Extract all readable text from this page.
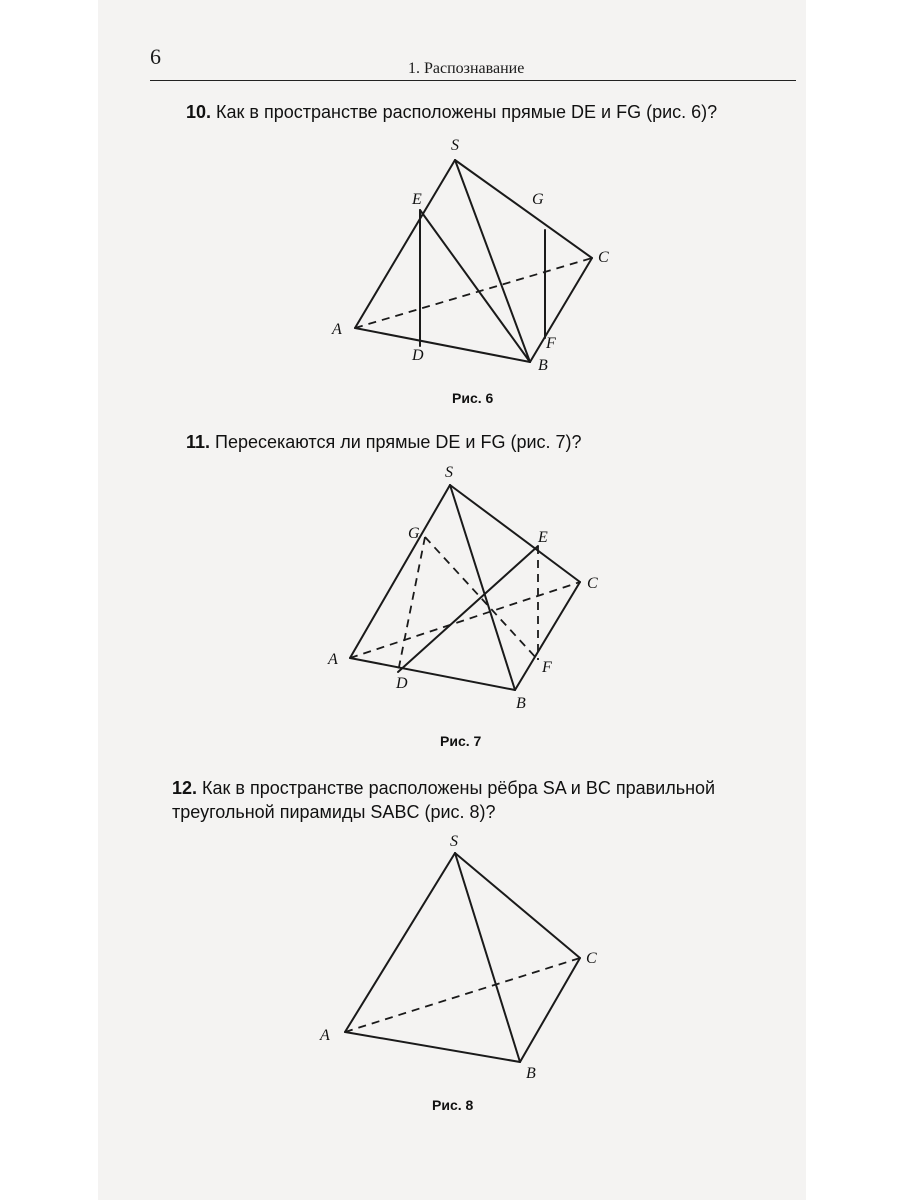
6	1. Распознавание
10. Как в пространстве расположены прямые DE и FG (рис. 6)?
S
E	G
C
A
D
F
B
Рис. 6
11. Пересекаются ли прямые DE и FG (рис. 7)?
S
G	E
C
A
D
F
B
Рис. 7
12. Как в пространстве расположены рёбра SA и BC правильной треугольной пирамиды SABC (рис. 8)?
S
C
A
B
Рис. 8
